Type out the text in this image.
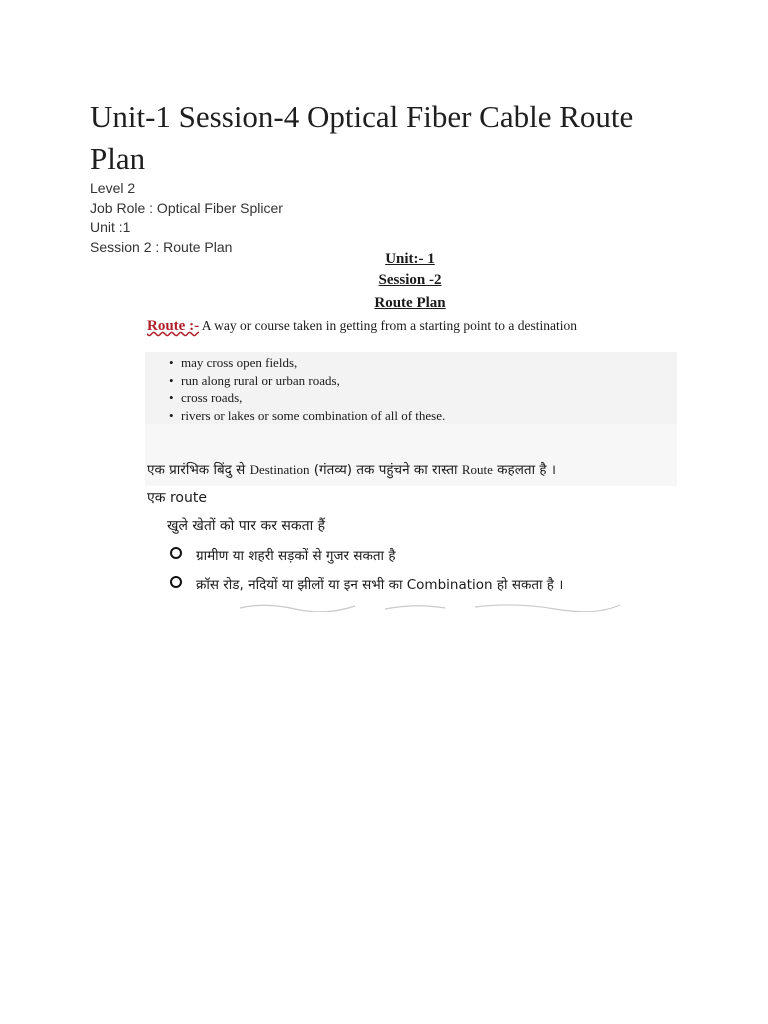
Unit-1 Session-4 Optical Fiber Cable Route Plan
Level 2
Job Role : Optical Fiber Splicer
Unit :1
Session 2 : Route Plan
Unit:- 1
Session -2
Route Plan
Route :- A way or course taken in getting from a starting point to a destination
• may cross open fields,
• run along rural or urban roads,
• cross roads,
• rivers or lakes or some combination of all of these.
एक प्रारंभिक बिंदु से Destination (गंतव्य) तक पहुंचने का रास्ता Route कहलता है ।
एक route
खुले खेतों को पार कर सकता हैं
ग्रामीण या शहरी सड़कों से गुजर सकता है
क्रॉस रोड, नदियों या झीलों या इन सभी का Combination हो सकता है ।
